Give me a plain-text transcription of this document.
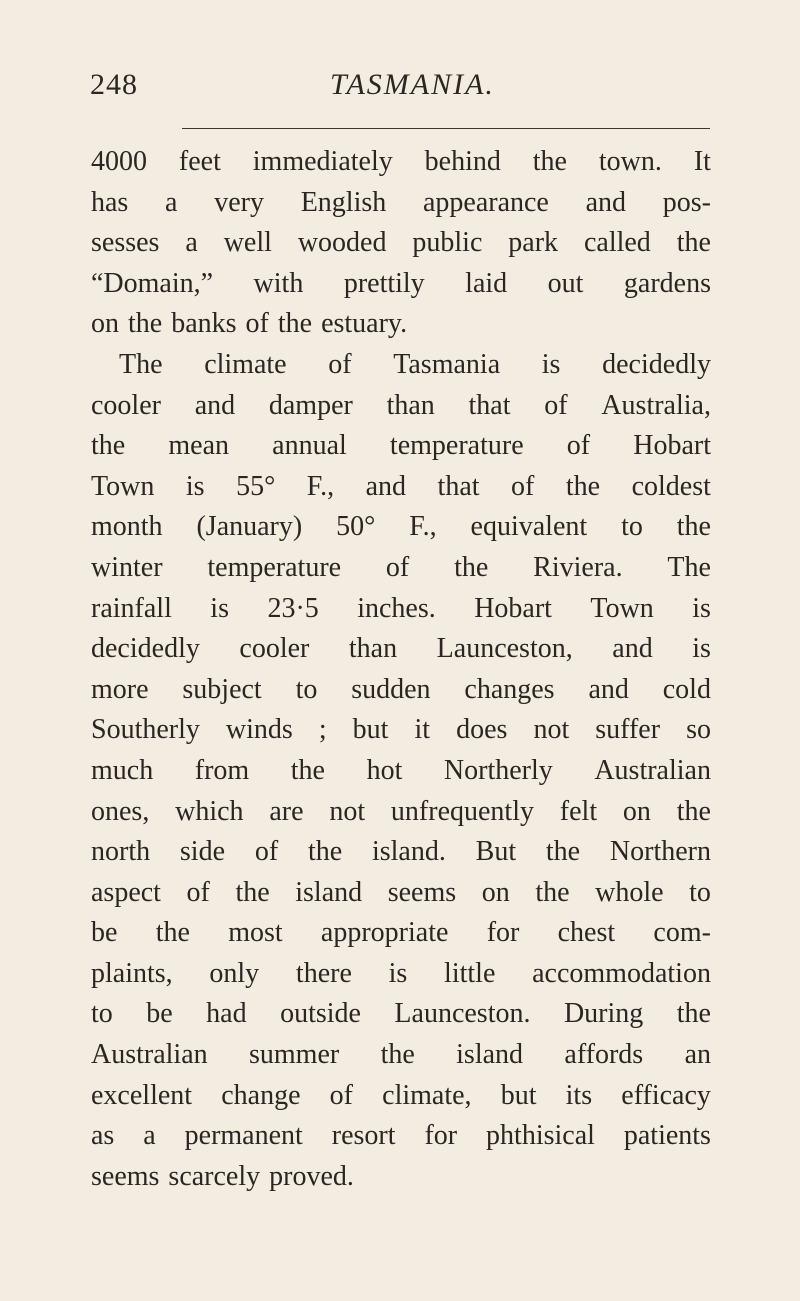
248	TASMANIA.
4000 feet immediately behind the town. It
has a very English appearance and pos-
sesses a well wooded public park called the
“Domain,” with prettily laid out gardens
on the banks of the estuary.
The climate of Tasmania is decidedly
cooler and damper than that of Australia,
the mean annual temperature of Hobart
Town is 55° F., and that of the coldest
month (January) 50° F., equivalent to the
winter temperature of the Riviera. The
rainfall is 23·5 inches. Hobart Town is
decidedly cooler than Launceston, and is
more subject to sudden changes and cold
Southerly winds ; but it does not suffer so
much from the hot Northerly Australian
ones, which are not unfrequently felt on the
north side of the island. But the Northern
aspect of the island seems on the whole to
be the most appropriate for chest com-
plaints, only there is little accommodation
to be had outside Launceston. During the
Australian summer the island affords an
excellent change of climate, but its efficacy
as a permanent resort for phthisical patients
seems scarcely proved.
